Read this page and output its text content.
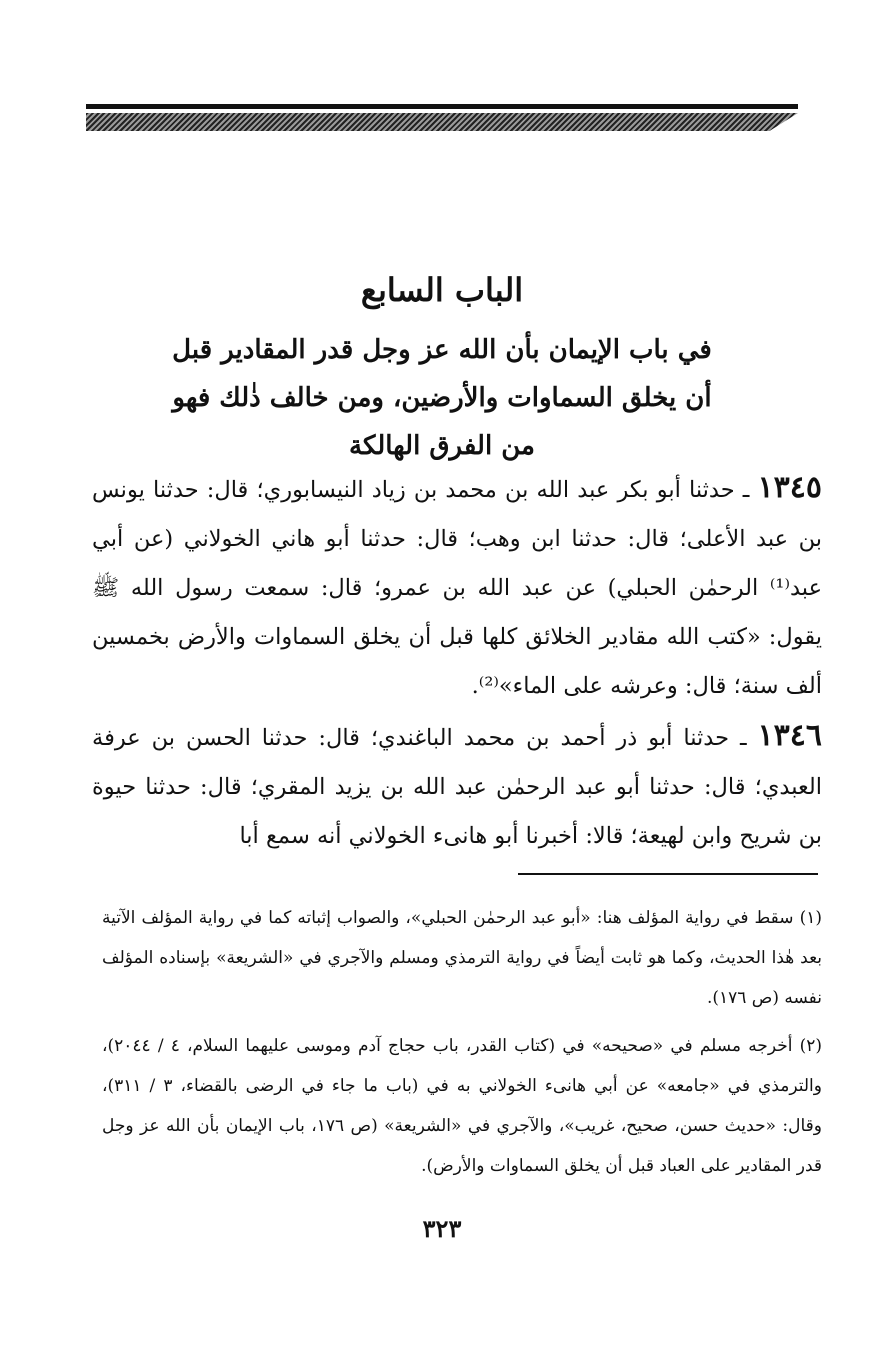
الباب السابع
في باب الإيمان بأن الله عز وجل قدر المقادير قبل أن يخلق السماوات والأرضين، ومن خالف ذٰلك فهو من الفرق الهالكة
١٣٤٥ ـ حدثنا أبو بكر عبد الله بن محمد بن زياد النيسابوري؛ قال: حدثنا يونس بن عبد الأعلى؛ قال: حدثنا ابن وهب؛ قال: حدثنا أبو هاني الخولاني (عن أبي عبد⁽¹⁾ الرحمٰن الحبلي) عن عبد الله بن عمرو؛ قال: سمعت رسول الله ﷺ يقول: «كتب الله مقادير الخلائق كلها قبل أن يخلق السماوات والأرض بخمسين ألف سنة؛ قال: وعرشه على الماء»⁽²⁾.
١٣٤٦ ـ حدثنا أبو ذر أحمد بن محمد الباغندي؛ قال: حدثنا الحسن بن عرفة العبدي؛ قال: حدثنا أبو عبد الرحمٰن عبد الله بن يزيد المقري؛ قال: حدثنا حيوة بن شريح وابن لهيعة؛ قالا: أخبرنا أبو هانىء الخولاني أنه سمع أبا

(١) سقط في رواية المؤلف هنا: «أبو عبد الرحمٰن الحبلي»، والصواب إثباته كما في رواية المؤلف الآتية بعد هٰذا الحديث، وكما هو ثابت أيضاً في رواية الترمذي ومسلم والآجري في «الشريعة» بإسناده المؤلف نفسه (ص ١٧٦).

(٢) أخرجه مسلم في «صحيحه» في (كتاب القدر، باب حجاج آدم وموسى عليهما السلام، ٤ / ٢٠٤٤)، والترمذي في «جامعه» عن أبي هانىء الخولاني به في (باب ما جاء في الرضى بالقضاء، ٣ / ٣١١)، وقال: «حديث حسن، صحيح، غريب»، والآجري في «الشريعة» (ص ١٧٦، باب الإيمان بأن الله عز وجل قدر المقادير على العباد قبل أن يخلق السماوات والأرض).

٣٢٣
